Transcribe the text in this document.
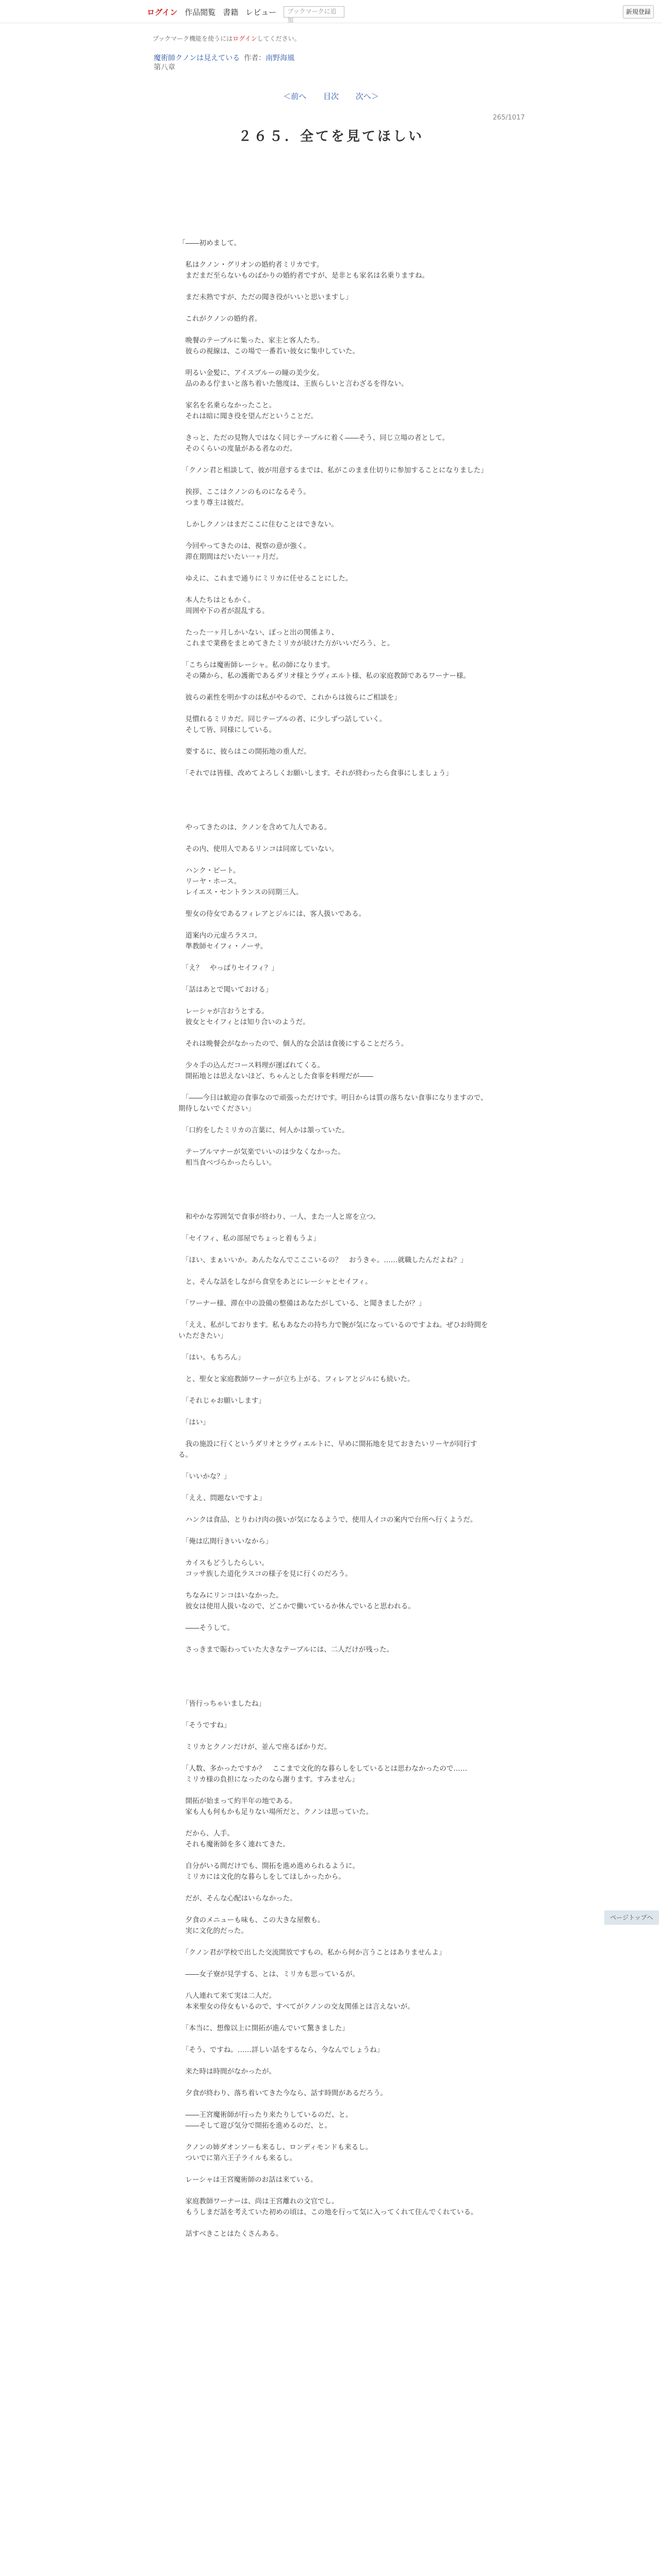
ログイン 作品閲覧 書籍 レビュー	ブックマークに追加
新規登録
ブックマーク機能を使うにはログインしてください。
魔術師クノンは見えている 作者：南野海風
第八章
＜前へ 目次 次へ＞
265/1017
２６５．全てを見てほしい

「――初めまして。

　私はクノン・グリオンの婚約者ミリカです。

　まだまだ至らないものばかりの婚約者ですが、是非とも家名は名乗りますね。

　まだ未熟ですが、ただの聞き役がいいと思いますし」

　これがクノンの婚約者。

　晩餐のテーブルに集った、家主と客人たち。

　彼らの視線は、この場で一番若い彼女に集中していた。

　明るい金髪に、アイスブルーの瞳の美少女。

　品のある佇まいと落ち着いた態度は、王族らしいと言わざるを得ない。

　家名を名乗らなかったこと。

　それは暗に聞き役を望んだということだ。

　きっと、ただの見物人ではなく同じテーブルに着く――そう、同じ立場の者として。

　そのくらいの度量がある者なのだ。

　「クノン君と相談して、彼が用意するまでは、私がこのまま仕切りに参加することになりました」

　挨拶、ここはクノンのものになるそう。

　つまり尊主は彼だ。

　しかしクノンはまだここに住むことはできない。

　今回やってきたのは、視察の意が強く。

　滞在期間はだいたい一ヶ月だ。

　ゆえに、これまで通りにミリカに任せることにした。

　本人たちはともかく。

　周囲や下の者が混乱する。

　たった一ヶ月しかいない、ぽっと出の関係より、

　これまで業務をまとめてきたミリカが続けた方がいいだろう、と。

　「こちらは魔術師レーシャ。私の師になります。

　その隣から、私の護衛であるダリオ様とラヴィエルト様、私の家庭教師であるワーナー様。

　彼らの素性を明かすのは私がやるので、これからは彼らにご相談を」

　見慣れるミリカだ。同じテーブルの者、に少しずつ話していく。

　そして皆、同様にしている。

　要するに、彼らはこの開拓地の重人だ。

　「それでは皆様、改めてよろしくお願いします。それが終わったら食事にしましょう」

　やってきたのは、クノンを含めて九人である。

　その内、使用人であるリンコは同席していない。

　ハンク・ビート。

　リーヤ・ホース。

　レイエス・セントランスの同期三人。

　聖女の侍女であるフィレアとジルには、客人扱いである。

　道案内の元虚ろラスコ。

　準教師セイフィ・ノーサ。

　「え？　やっぱりセイフィ？」

　「話はあとで聞いておける」

　レーシャが言おうとする。

　彼女とセイフィとは知り合いのようだ。

　それは晩餐会がなかったので、個人的な会話は食後にすることだろう。

　少々手の込んだコース料理が運ばれてくる。

　開拓地とは思えないほど、ちゃんとした食事を料理だが――

　「――今日は歓迎の食事なので頑張っただけです。明日からは質の落ちない食事になりますので、期待しないでください」

　「口約をしたミリカの言葉に、何人かは頷っていた。

　テーブルマナーが気楽でいいのは少なくなかった。

　相当食べづらかったらしい。

　和やかな雰囲気で食事が終わり、一人、また一人と席を立つ。

　「セイフィ、私の部屋でちょっと着もうよ」

　「ほい、まぁいいか。あんたなんでこここいるの？　おうきゃ。……就職したんだよね？」

　と、そんな話をしながら食堂をあとにレーシャとセイフィ。

　「ワーナー様、滞在中の設備の整備はあなたがしている、と聞きましたが？」

　「ええ、私がしております。私もあなたの持ち力で腕が気になっているのですよね。ぜひお時間をいただきたい」

　「はい。もちろん」

　と、聖女と家庭教師ワーナーが立ち上がる。フィレアとジルにも続いた。

　「それじゃお願いします」

　「はい」

　我の施設に行くというダリオとラヴィエルトに、早めに開拓地を見ておきたいリーヤが同行する。

　「いいかな？」

　「ええ、問題ないですよ」

　ハンクは食品、とりわけ肉の扱いが気になるようで、使用人イコの案内で台所へ行くようだ。

　「俺は広間行きいいなから」

　カイスもどうしたらしい。

　コッサ族した道化ラスコの様子を見に行くのだろう。

　ちなみにリンコはいなかった。

　彼女は使用人扱いなので、どこかで働いているか休んでいると思われる。

　――そうして。

　さっきまで賑わっていた大きなテーブルには、二人だけが残った。

　「皆行っちゃいましたね」

　「そうですね」

　ミリカとクノンだけが、並んで座るばかりだ。

　「人数、多かったですか？　ここまで文化的な暮らしをしているとは思わなかったので……

　ミリカ様の負担になったのなら謝ります。すみません」

　開拓が始まって約半年の地である。

　家も人も何もかも足りない場所だと、クノンは思っていた。

　だから、人手。

　それも魔術師を多く連れてきた。

　自分がいる間だけでも、開拓を進め進められるように。

　ミリカには文化的な暮らしをしてほしかったから。

　だが、そんな心配はいらなかった。

　夕食のメニューも味も、この大きな屋敷も。

　実に文化的だった。

　「クノン君が学校で出した交流開放ですもの。私から何か言うことはありませんよ」

　――女子寮が見学する、とは、ミリカも思っているが。

　八人連れて来て実は二人だ。

　本来聖女の侍女もいるので、すべてがクノンの交友関係とは言えないが。

　「本当に、想像以上に開拓が進んでいて驚きました」

　「そう、ですね。……詳しい話をするなら、今なんでしょうね」

　来た時は時間がなかったが。

　夕食が終わり、落ち着いてきた今なら、話す時間があるだろう。

　――王宮魔術師が行ったり来たりしているのだ、と。

　――そして遊び気分で開拓を進めるのだ、と。

　クノンの姉ダオンソーも来るし、ロンディモンドも来るし。

　ついでに第六王子ライルも来るし。

　レーシャは王宮魔術師のお話は来ている。

　家庭教師ワーナーは、尚は王宮離れの文官でし。

　もうしまだ話を考えていた初めの頃は、この地を行って気に入ってくれて住んでくれている。

　話すべきことはたくさんある。

ページトップへ
